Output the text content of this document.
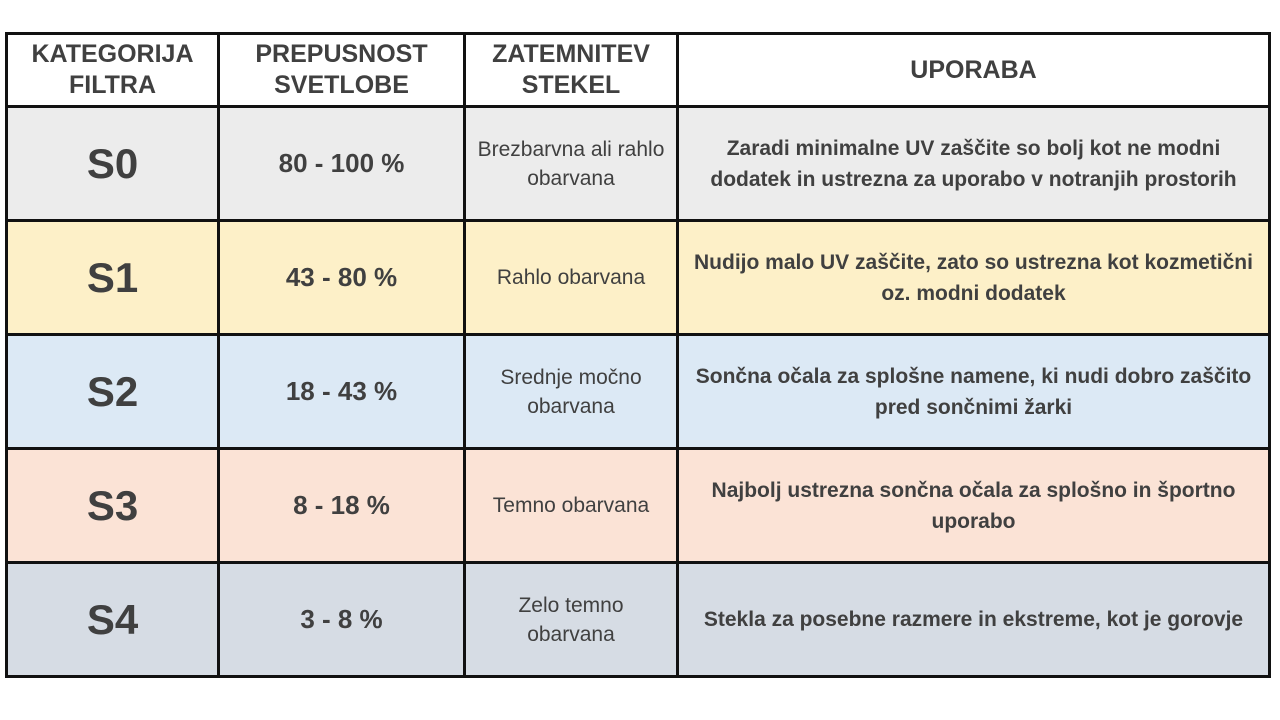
KATEGORIJA FILTRA	PREPUSNOST SVETLOBE	ZATEMNITEV STEKEL	UPORABA
S0	80 - 100 %	Brezbarvna ali rahlo obarvana	Zaradi minimalne UV zaščite so bolj kot ne modni dodatek in ustrezna za uporabo v notranjih prostorih
S1	43 - 80 %	Rahlo obarvana	Nudijo malo UV zaščite, zato so ustrezna kot kozmetični oz. modni dodatek
S2	18 - 43 %	Srednje močno obarvana	Sončna očala za splošne namene, ki nudi dobro zaščito pred sončnimi žarki
S3	8 - 18 %	Temno obarvana	Najbolj ustrezna sončna očala za splošno in športno uporabo
S4	3 - 8 %	Zelo temno obarvana	Stekla za posebne razmere in ekstreme, kot je gorovje
